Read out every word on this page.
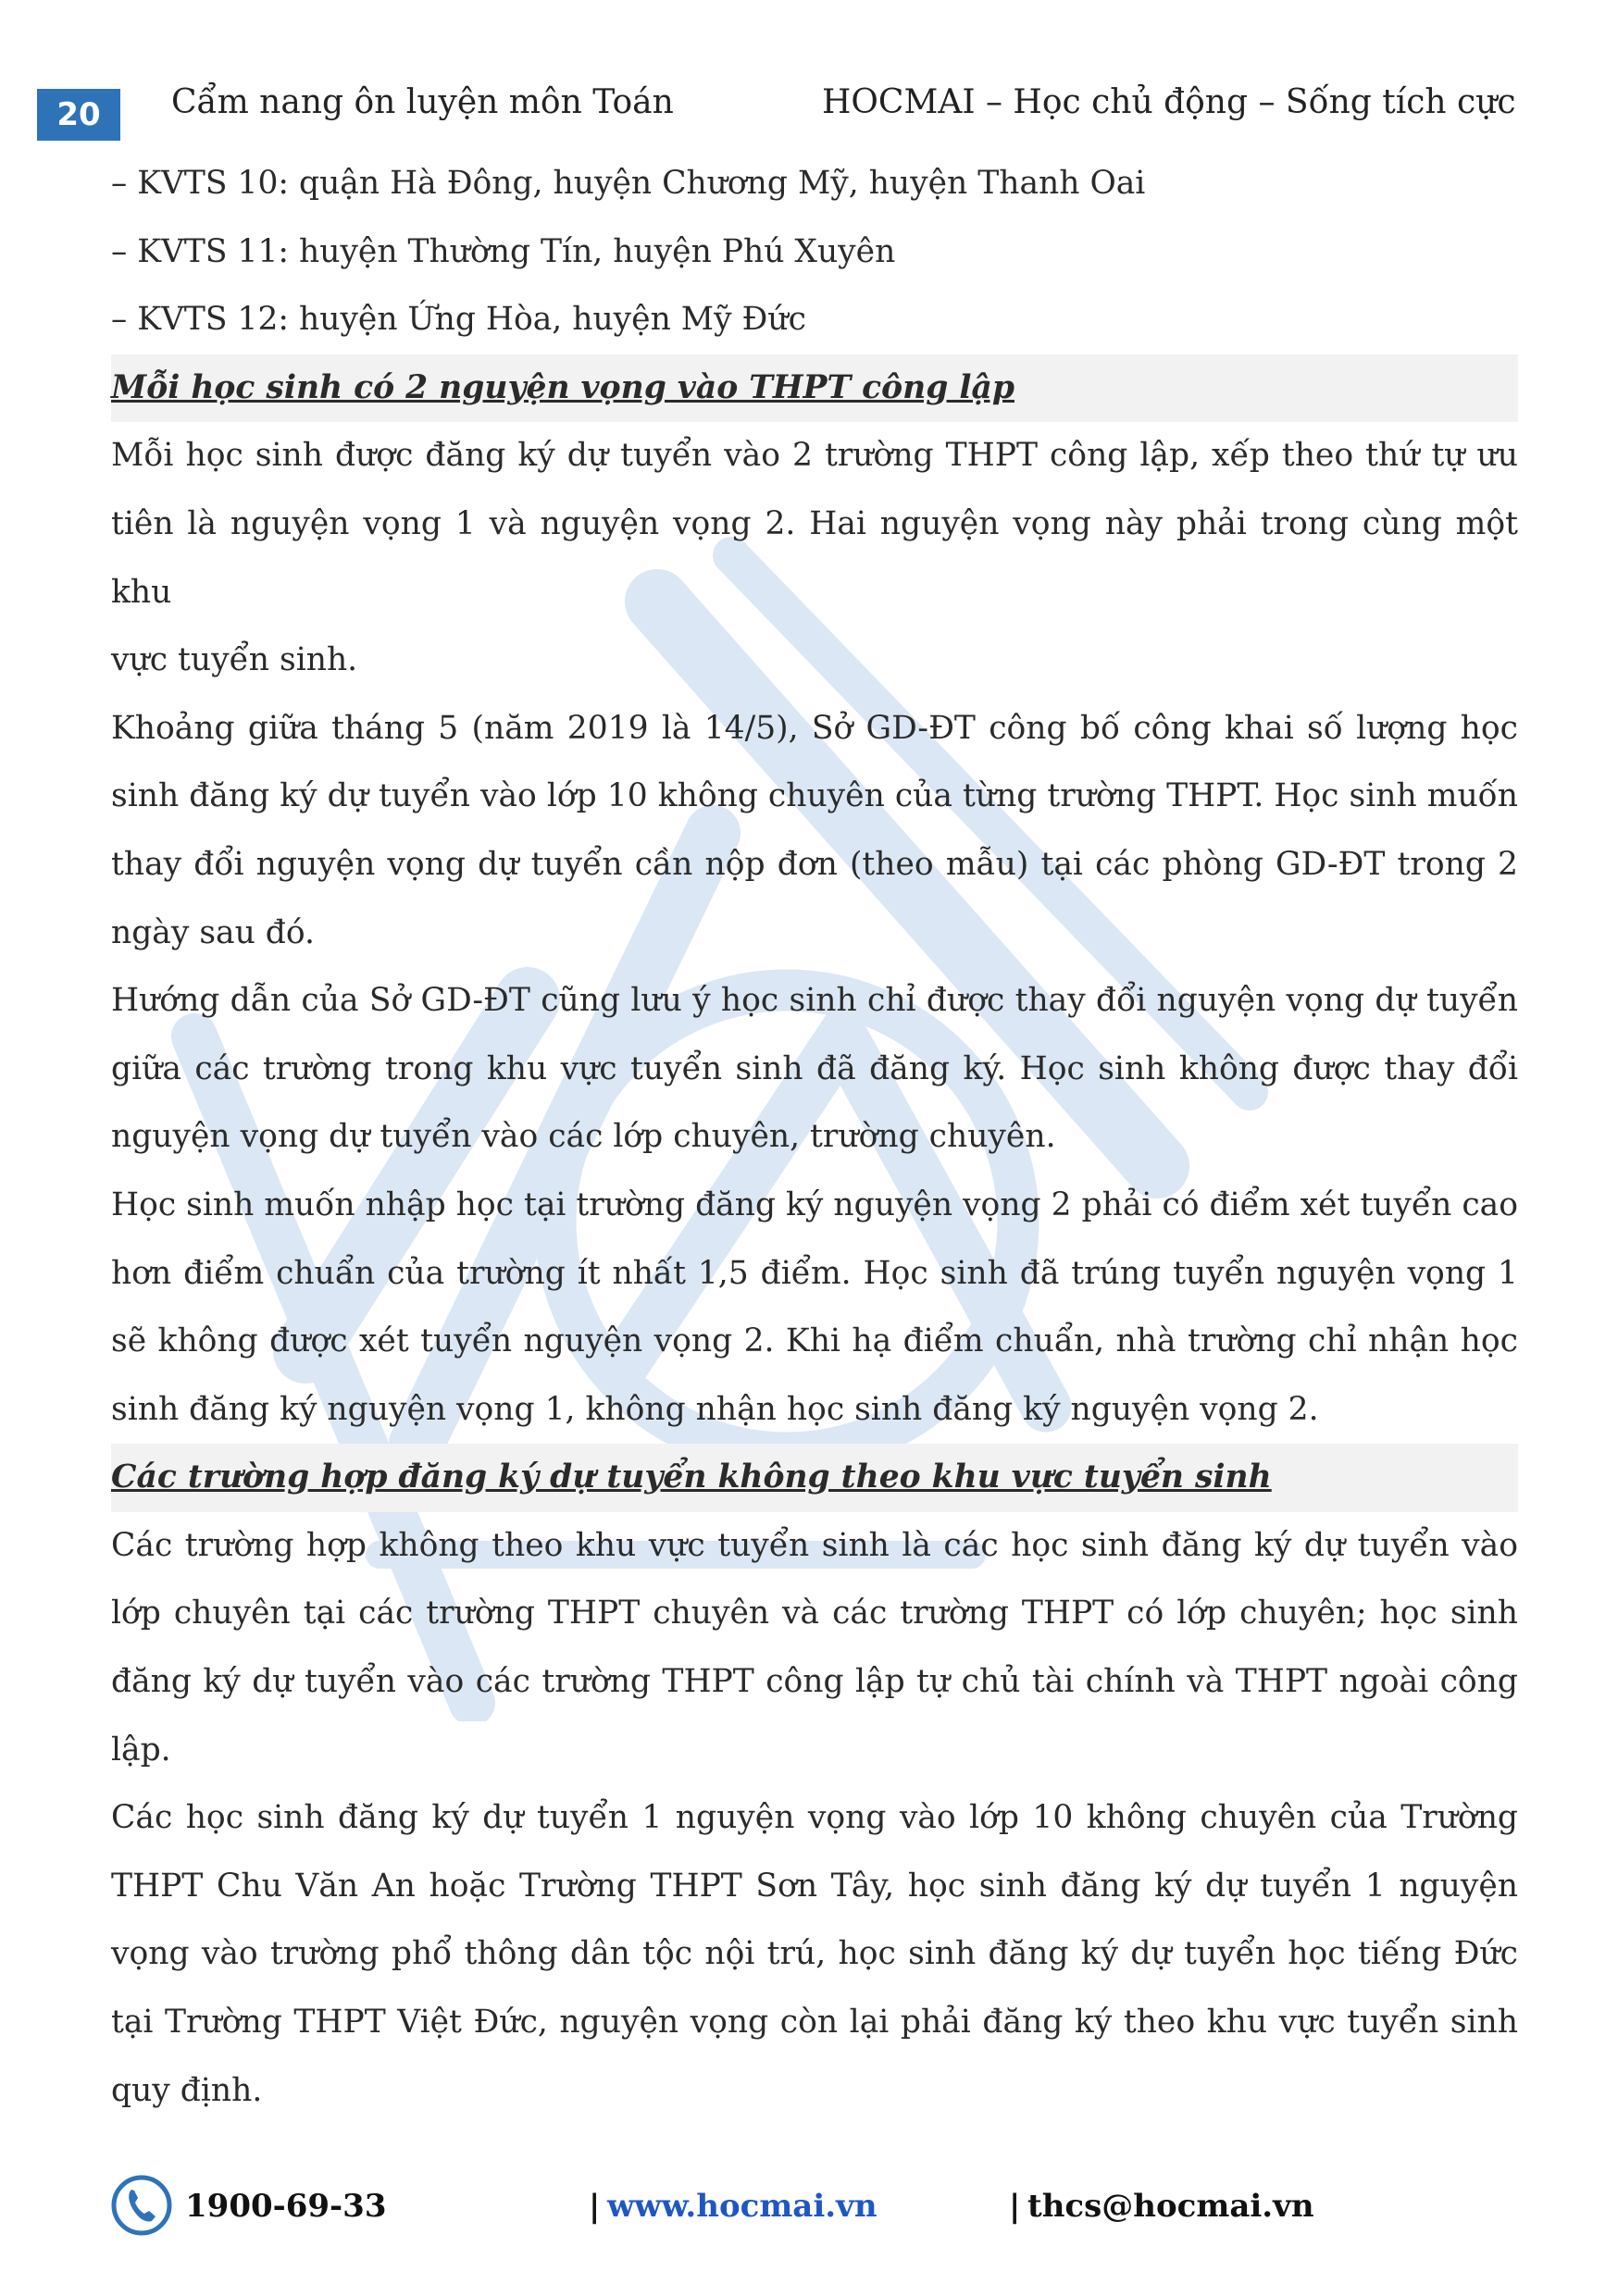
20	Cẩm nang ôn luyện môn Toán	HOCMAI – Học chủ động – Sống tích cực
– KVTS 10: quận Hà Đông, huyện Chương Mỹ, huyện Thanh Oai
– KVTS 11: huyện Thường Tín, huyện Phú Xuyên
– KVTS 12: huyện Ứng Hòa, huyện Mỹ Đức
Mỗi học sinh có 2 nguyện vọng vào THPT công lập
Mỗi học sinh được đăng ký dự tuyển vào 2 trường THPT công lập, xếp theo thứ tự ưu
tiên là nguyện vọng 1 và nguyện vọng 2. Hai nguyện vọng này phải trong cùng một khu
vực tuyển sinh.
Khoảng giữa tháng 5 (năm 2019 là 14/5), Sở GD-ĐT công bố công khai số lượng học
sinh đăng ký dự tuyển vào lớp 10 không chuyên của từng trường THPT. Học sinh muốn
thay đổi nguyện vọng dự tuyển cần nộp đơn (theo mẫu) tại các phòng GD-ĐT trong 2
ngày sau đó.
Hướng dẫn của Sở GD-ĐT cũng lưu ý học sinh chỉ được thay đổi nguyện vọng dự tuyển
giữa các trường trong khu vực tuyển sinh đã đăng ký. Học sinh không được thay đổi
nguyện vọng dự tuyển vào các lớp chuyên, trường chuyên.
Học sinh muốn nhập học tại trường đăng ký nguyện vọng 2 phải có điểm xét tuyển cao
hơn điểm chuẩn của trường ít nhất 1,5 điểm. Học sinh đã trúng tuyển nguyện vọng 1
sẽ không được xét tuyển nguyện vọng 2. Khi hạ điểm chuẩn, nhà trường chỉ nhận học
sinh đăng ký nguyện vọng 1, không nhận học sinh đăng ký nguyện vọng 2.
Các trường hợp đăng ký dự tuyển không theo khu vực tuyển sinh
Các trường hợp không theo khu vực tuyển sinh là các học sinh đăng ký dự tuyển vào
lớp chuyên tại các trường THPT chuyên và các trường THPT có lớp chuyên; học sinh
đăng ký dự tuyển vào các trường THPT công lập tự chủ tài chính và THPT ngoài công
lập.
Các học sinh đăng ký dự tuyển 1 nguyện vọng vào lớp 10 không chuyên của Trường
THPT Chu Văn An hoặc Trường THPT Sơn Tây, học sinh đăng ký dự tuyển 1 nguyện
vọng vào trường phổ thông dân tộc nội trú, học sinh đăng ký dự tuyển học tiếng Đức
tại Trường THPT Việt Đức, nguyện vọng còn lại phải đăng ký theo khu vực tuyển sinh
quy định.
1900-69-33	| www.hocmai.vn	| thcs@hocmai.vn
